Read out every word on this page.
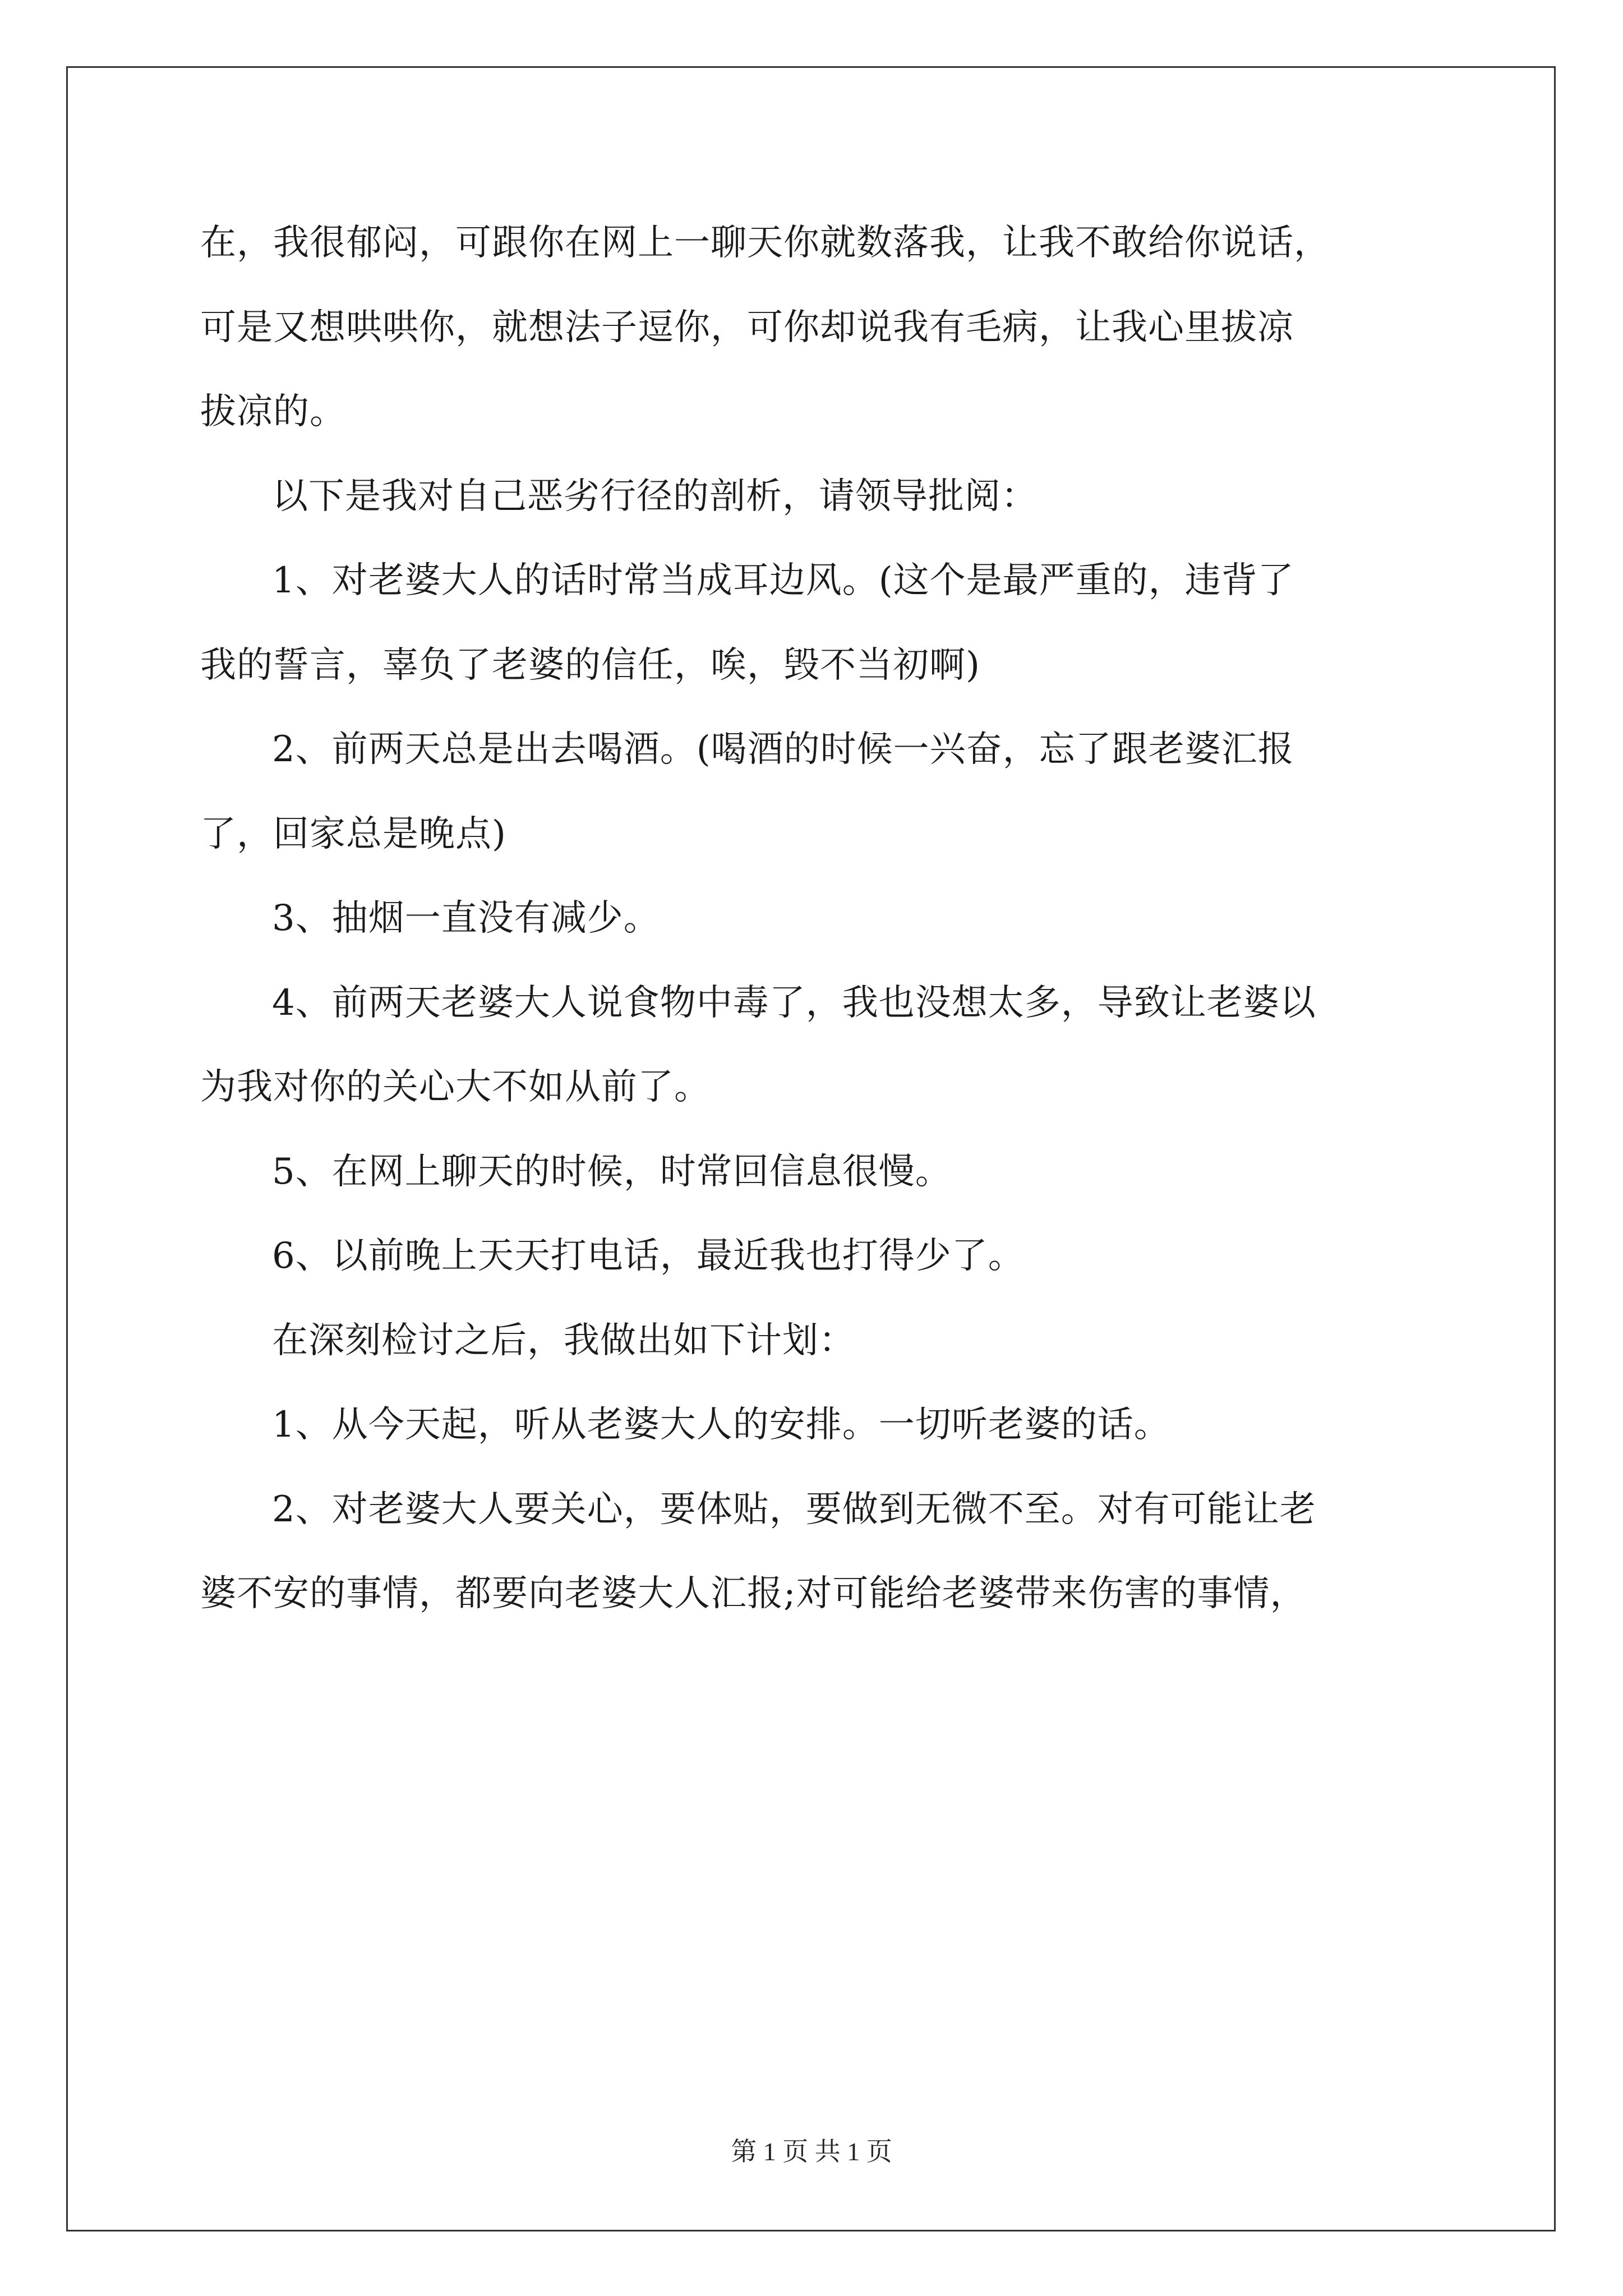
在，我很郁闷，可跟你在网上一聊天你就数落我，让我不敢给你说话，

可是又想哄哄你，就想法子逗你，可你却说我有毛病，让我心里拔凉

拔凉的。

以下是我对自己恶劣行径的剖析，请领导批阅：

1、对老婆大人的话时常当成耳边风。(这个是最严重的，违背了

我的誓言，辜负了老婆的信任，唉，毁不当初啊)

2、前两天总是出去喝酒。(喝酒的时候一兴奋，忘了跟老婆汇报

了，回家总是晚点)

3、抽烟一直没有减少。

4、前两天老婆大人说食物中毒了，我也没想太多，导致让老婆以

为我对你的关心大不如从前了。

5、在网上聊天的时候，时常回信息很慢。

6、以前晚上天天打电话，最近我也打得少了。

在深刻检讨之后，我做出如下计划：

1、从今天起，听从老婆大人的安排。一切听老婆的话。

2、对老婆大人要关心，要体贴，要做到无微不至。对有可能让老

婆不安的事情，都要向老婆大人汇报;对可能给老婆带来伤害的事情，

第 1 页 共 1 页
